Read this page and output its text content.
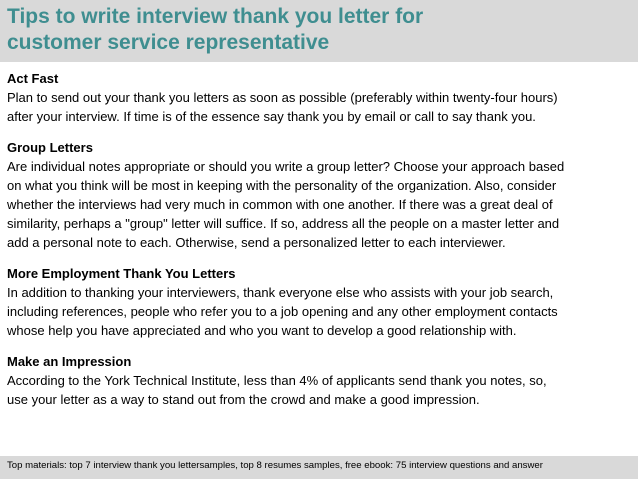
Tips to write interview thank you letter for
customer service representative
Act Fast

Plan to send out your thank you letters as soon as possible (preferably within twenty-four hours)
after your interview. If time is of the essence say thank you by email or call to say thank you.

Group Letters

Are individual notes appropriate or should you write a group letter? Choose your approach based
on what you think will be most in keeping with the personality of the organization. Also, consider
whether the interviews had very much in common with one another. If there was a great deal of
similarity, perhaps a "group" letter will suffice. If so, address all the people on a master letter and
add a personal note to each. Otherwise, send a personalized letter to each interviewer.

More Employment Thank You Letters

In addition to thanking your interviewers, thank everyone else who assists with your job search,
including references, people who refer you to a job opening and any other employment contacts
whose help you have appreciated and who you want to develop a good relationship with.

Make an Impression

According to the York Technical Institute, less than 4% of applicants send thank you notes, so,
use your letter as a way to stand out from the crowd and make a good impression.

Top materials: top 7 interview thank you lettersamples, top 8 resumes samples, free ebook: 75 interview questions and answer
